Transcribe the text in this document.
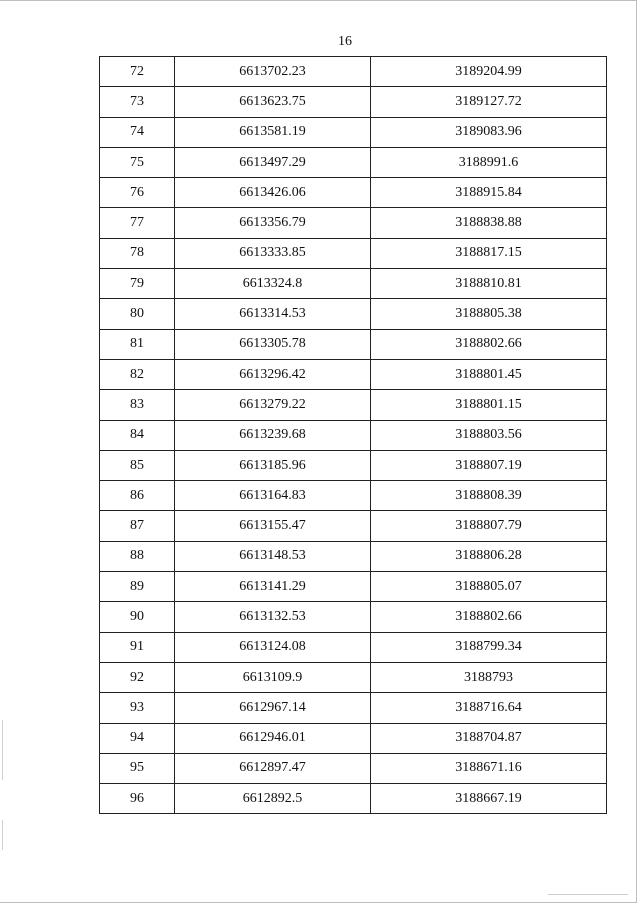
16
72	6613702.23	3189204.99
73	6613623.75	3189127.72
74	6613581.19	3189083.96
75	6613497.29	3188991.6
76	6613426.06	3188915.84
77	6613356.79	3188838.88
78	6613333.85	3188817.15
79	6613324.8	3188810.81
80	6613314.53	3188805.38
81	6613305.78	3188802.66
82	6613296.42	3188801.45
83	6613279.22	3188801.15
84	6613239.68	3188803.56
85	6613185.96	3188807.19
86	6613164.83	3188808.39
87	6613155.47	3188807.79
88	6613148.53	3188806.28
89	6613141.29	3188805.07
90	6613132.53	3188802.66
91	6613124.08	3188799.34
92	6613109.9	3188793
93	6612967.14	3188716.64
94	6612946.01	3188704.87
95	6612897.47	3188671.16
96	6612892.5	3188667.19
